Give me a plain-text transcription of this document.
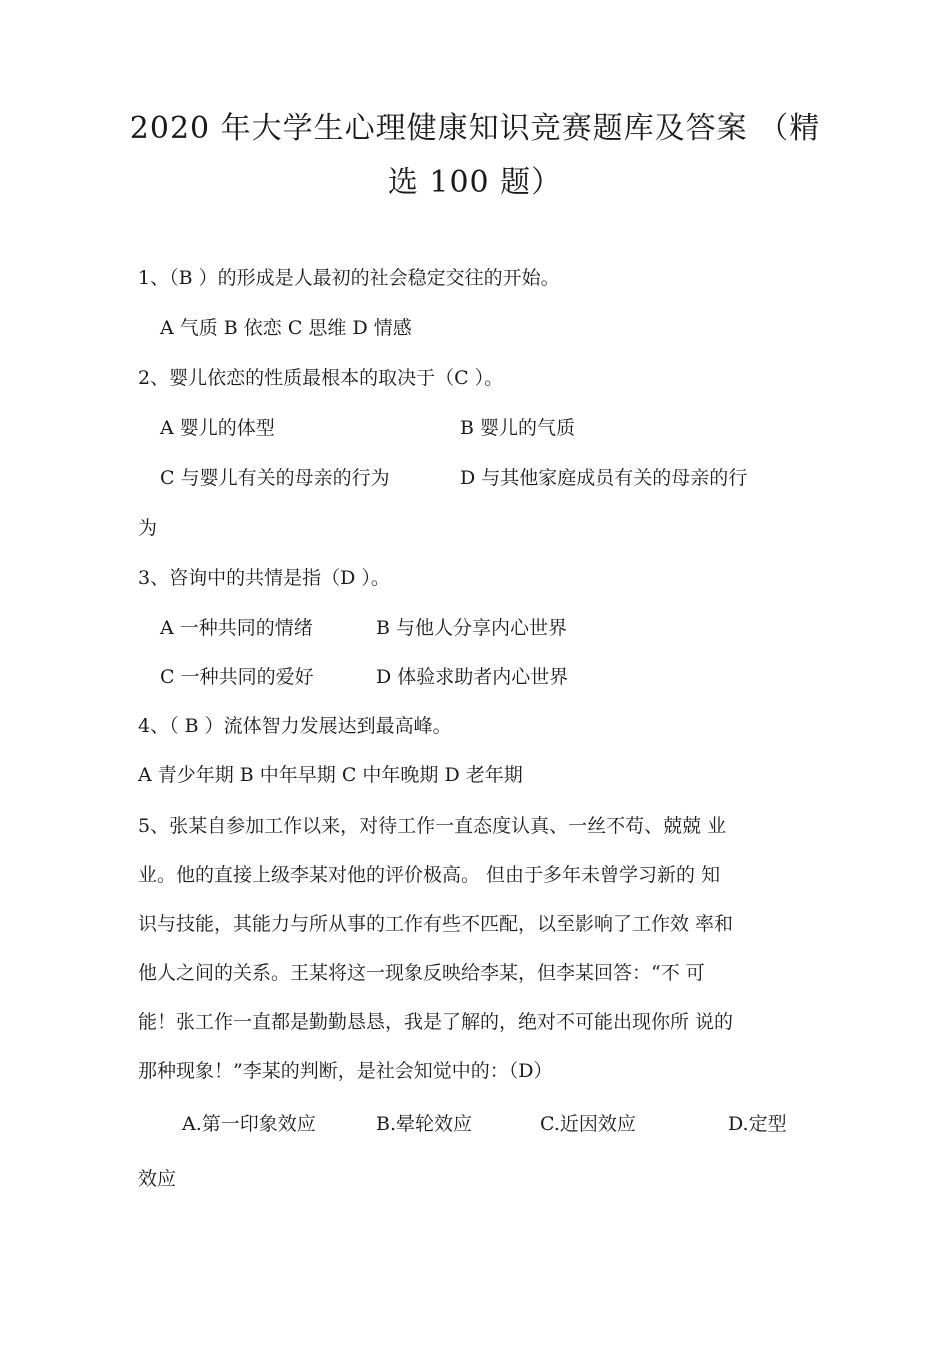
2020 年大学生心理健康知识竞赛题库及答案 （精
选 100 题）
1、（B ）的形成是人最初的社会稳定交往的开始。
A 气质 B 依恋 C 思维 D 情感
2、婴儿依恋的性质最根本的取决于（C ）。
A 婴儿的体型	B 婴儿的气质
C 与婴儿有关的母亲的行为	D 与其他家庭成员有关的母亲的行
为
3、咨询中的共情是指（D ）。
A 一种共同的情绪	B 与他人分享内心世界
C 一种共同的爱好	D 体验求助者内心世界
4、（ B ）流体智力发展达到最高峰。
A 青少年期 B 中年早期 C 中年晚期 D 老年期
5、张某自参加工作以来，对待工作一直态度认真、一丝不苟、兢兢 业
业。他的直接上级李某对他的评价极高。 但由于多年未曾学习新的 知
识与技能，其能力与所从事的工作有些不匹配，以至影响了工作效 率和
他人之间的关系。王某将这一现象反映给李某，但李某回答：“不 可
能！张工作一直都是勤勤恳恳，我是了解的，绝对不可能出现你所 说的
那种现象！”李某的判断，是社会知觉中的：（D）
A.第一印象效应	B.晕轮效应	C.近因效应	D.定型
效应
